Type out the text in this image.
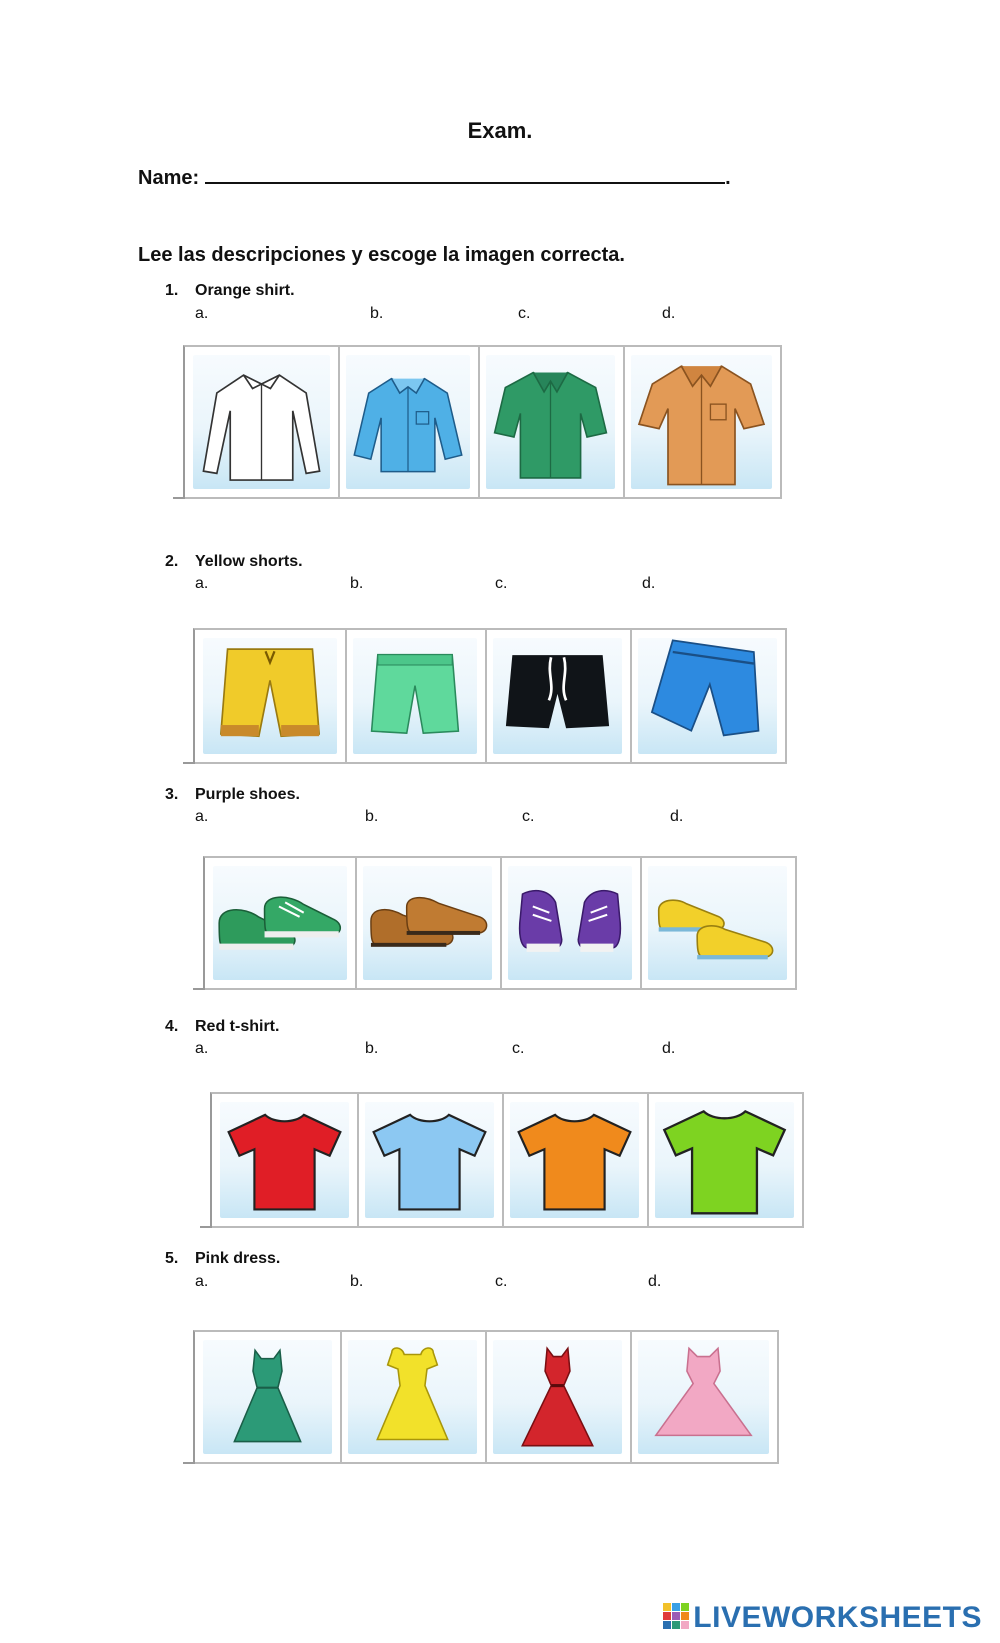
Exam.
Name:	.
Lee las descripciones y escoge la imagen correcta.
1. Orange shirt.
a.	b.	c.	d.
2. Yellow shorts.
a.	b.	c.	d.
3. Purple shoes.
a.	b.	c.	d.
4. Red t-shirt.
a.	b.	c.	d.
5. Pink dress.
a.	b.	c.	d.
LIVEWORKSHEETS
